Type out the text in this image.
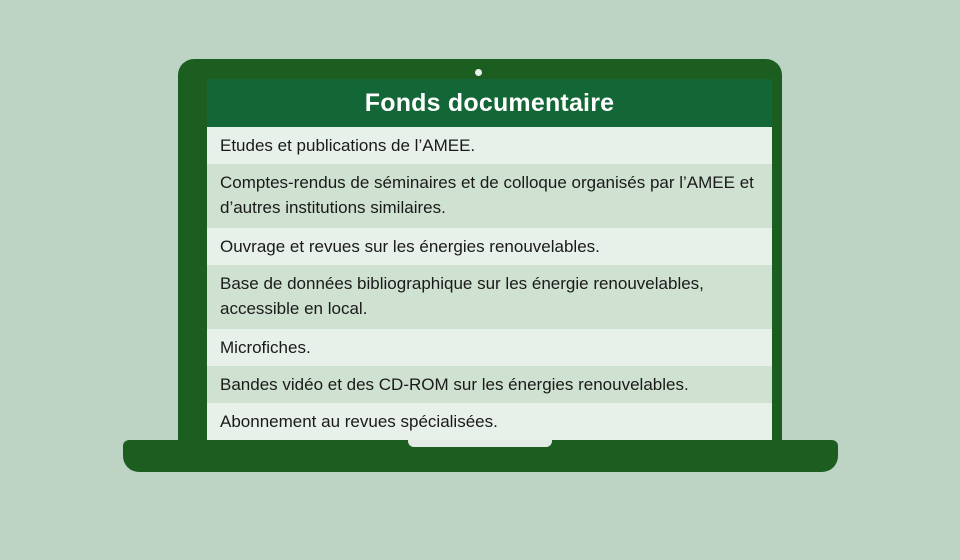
Fonds documentaire
Etudes et publications de l’AMEE.
Comptes-rendus de séminaires et de colloque organisés par l’AMEE et d’autres institutions similaires.
Ouvrage et revues sur les énergies renouvelables.
Base de données bibliographique sur les énergie renouvelables, accessible en local.
Microfiches.
Bandes vidéo et des CD-ROM sur les énergies renouvelables.
Abonnement au revues spécialisées.
